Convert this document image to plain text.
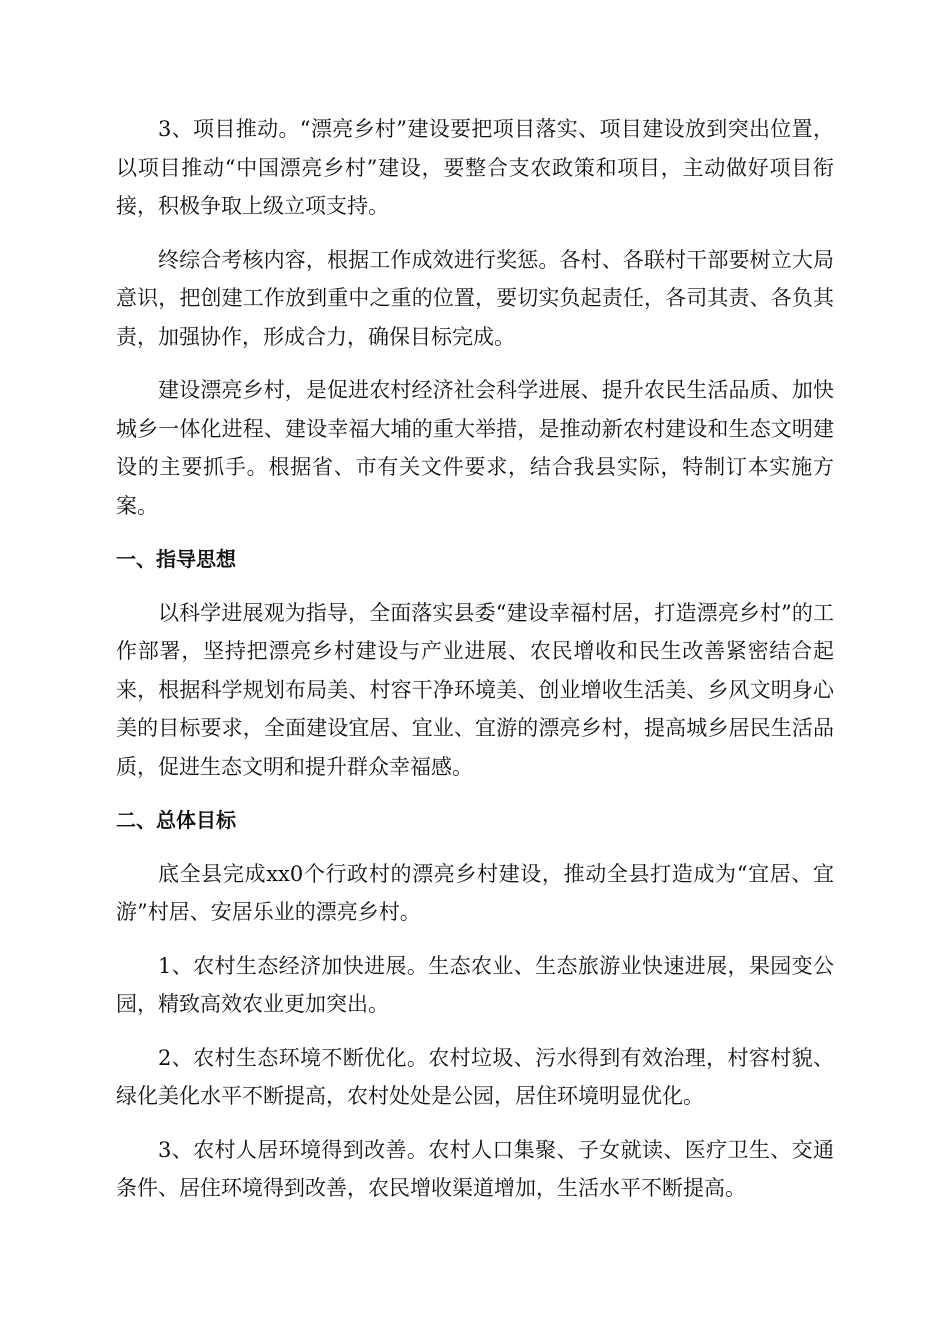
3、项目推动。“漂亮乡村”建设要把项目落实、项目建设放到突出位置，以项目推动“中国漂亮乡村”建设，要整合支农政策和项目，主动做好项目衔接，积极争取上级立项支持。

终综合考核内容，根据工作成效进行奖惩。各村、各联村干部要树立大局意识，把创建工作放到重中之重的位置，要切实负起责任，各司其责、各负其责，加强协作，形成合力，确保目标完成。

建设漂亮乡村，是促进农村经济社会科学进展、提升农民生活品质、加快城乡一体化进程、建设幸福大埔的重大举措，是推动新农村建设和生态文明建设的主要抓手。根据省、市有关文件要求，结合我县实际，特制订本实施方案。

一、指导思想

以科学进展观为指导，全面落实县委“建设幸福村居，打造漂亮乡村”的工作部署，坚持把漂亮乡村建设与产业进展、农民增收和民生改善紧密结合起来，根据科学规划布局美、村容干净环境美、创业增收生活美、乡风文明身心美的目标要求，全面建设宜居、宜业、宜游的漂亮乡村，提高城乡居民生活品质，促进生态文明和提升群众幸福感。

二、总体目标

底全县完成xx0个行政村的漂亮乡村建设，推动全县打造成为“宜居、宜游”村居、安居乐业的漂亮乡村。

1、农村生态经济加快进展。生态农业、生态旅游业快速进展，果园变公园，精致高效农业更加突出。

2、农村生态环境不断优化。农村垃圾、污水得到有效治理，村容村貌、绿化美化水平不断提高，农村处处是公园，居住环境明显优化。

3、农村人居环境得到改善。农村人口集聚、子女就读、医疗卫生、交通条件、居住环境得到改善，农民增收渠道增加，生活水平不断提高。
